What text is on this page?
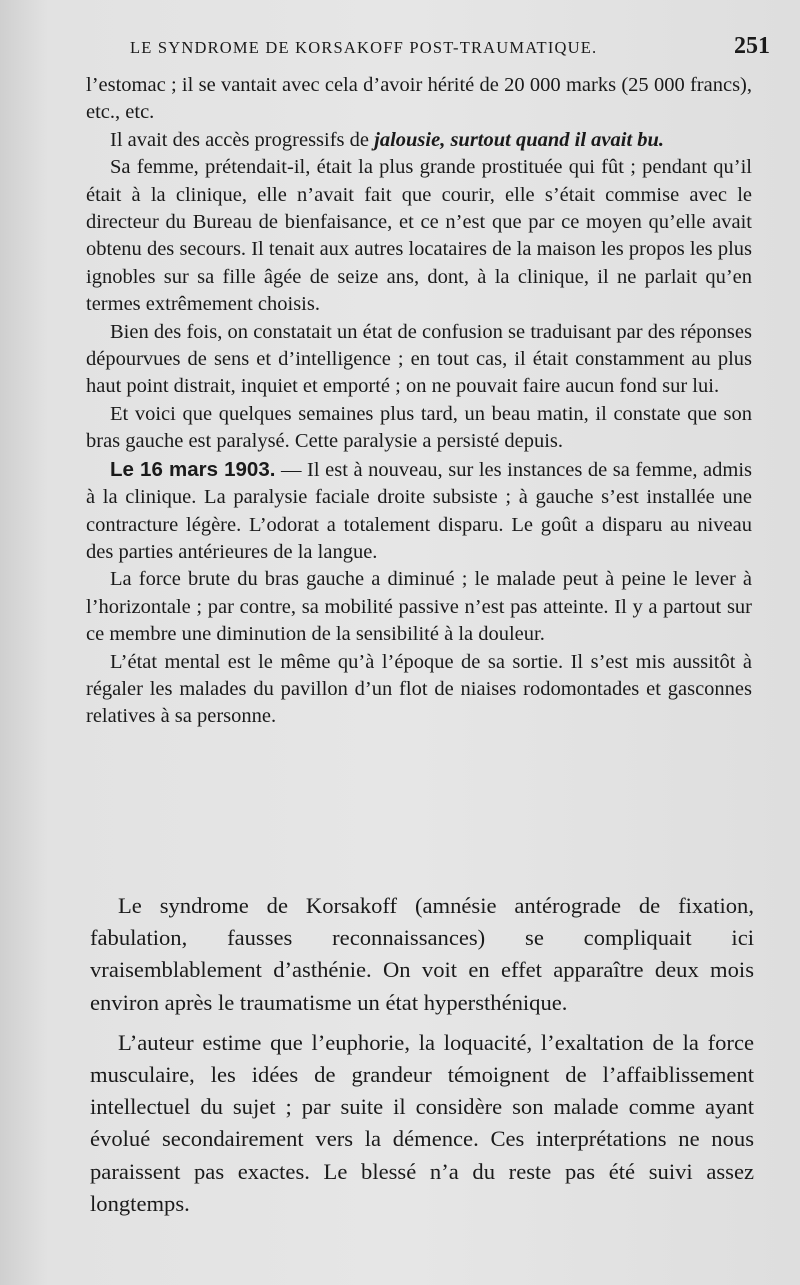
LE SYNDROME DE KORSAKOFF POST-TRAUMATIQUE.	251

l’estomac ; il se vantait avec cela d’avoir hérité de 20 000 marks (25 000 francs), etc., etc.

Il avait des accès progressifs de jalousie, surtout quand il avait bu.

Sa femme, prétendait-il, était la plus grande prostituée qui fût ; pendant qu’il était à la clinique, elle n’avait fait que courir, elle s’était commise avec le directeur du Bureau de bienfaisance, et ce n’est que par ce moyen qu’elle avait obtenu des secours. Il tenait aux autres locataires de la maison les propos les plus ignobles sur sa fille âgée de seize ans, dont, à la clinique, il ne parlait qu’en termes extrêmement choisis.

Bien des fois, on constatait un état de confusion se traduisant par des réponses dépourvues de sens et d’intelligence ; en tout cas, il était constamment au plus haut point distrait, inquiet et emporté ; on ne pouvait faire aucun fond sur lui.

Et voici que quelques semaines plus tard, un beau matin, il constate que son bras gauche est paralysé. Cette paralysie a persisté depuis.

Le 16 mars 1903. — Il est à nouveau, sur les instances de sa femme, admis à la clinique. La paralysie faciale droite subsiste ; à gauche s’est installée une contracture légère. L’odorat a totalement disparu. Le goût a disparu au niveau des parties antérieures de la langue.

La force brute du bras gauche a diminué ; le malade peut à peine le lever à l’horizontale ; par contre, sa mobilité passive n’est pas atteinte. Il y a partout sur ce membre une diminution de la sensibilité à la douleur.

L’état mental est le même qu’à l’époque de sa sortie. Il s’est mis aussitôt à régaler les malades du pavillon d’un flot de niaises rodomontades et gasconnes relatives à sa personne.

Le syndrome de Korsakoff (amnésie antérograde de fixation, fabulation, fausses reconnaissances) se compliquait ici vraisemblablement d’asthénie. On voit en effet apparaître deux mois environ après le traumatisme un état hypersthénique.

L’auteur estime que l’euphorie, la loquacité, l’exaltation de la force musculaire, les idées de grandeur témoignent de l’affaiblissement intellectuel du sujet ; par suite il considère son malade comme ayant évolué secondairement vers la démence. Ces interprétations ne nous paraissent pas exactes. Le blessé n’a du reste pas été suivi assez longtemps.
